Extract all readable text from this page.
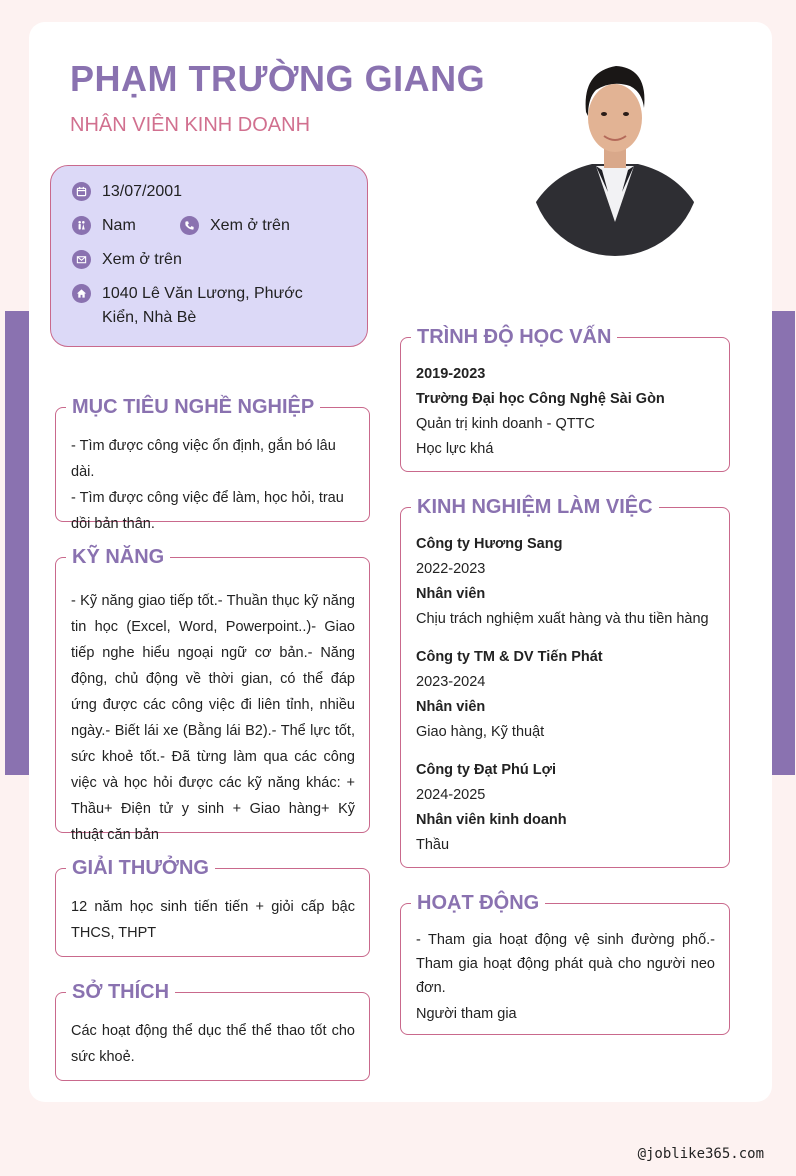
PHẠM TRƯỜNG GIANG
NHÂN VIÊN KINH DOANH
13/07/2001
Nam	Xem ở trên
Xem ở trên
1040 Lê Văn Lương, Phước Kiển, Nhà Bè
MỤC TIÊU NGHỀ NGHIỆP
- Tìm được công việc ổn định, gắn bó lâu dài.
- Tìm được công việc để làm, học hỏi, trau dồi bản thân.
KỸ NĂNG
- Kỹ năng giao tiếp tốt.- Thuần thục kỹ năng tin học (Excel, Word, Powerpoint..)- Giao tiếp nghe hiểu ngoại ngữ cơ bản.- Năng động, chủ động về thời gian, có thể đáp ứng được các công việc đi liên tỉnh, nhiều ngày.- Biết lái xe (Bằng lái B2).- Thể lực tốt, sức khoẻ tốt.- Đã từng làm qua các công việc và học hỏi được các kỹ năng khác: + Thầu+ Điện tử y sinh + Giao hàng+ Kỹ thuật căn bản
GIẢI THƯỞNG
12 năm học sinh tiến tiến + giỏi cấp bậc THCS, THPT
SỞ THÍCH
Các hoạt động thể dục thể thể thao tốt cho sức khoẻ.
TRÌNH ĐỘ HỌC VẤN
2019-2023
Trường Đại học Công Nghệ Sài Gòn
Quản trị kinh doanh - QTTC
Học lực khá
KINH NGHIỆM LÀM VIỆC
Công ty Hương Sang
2022-2023
Nhân viên
Chịu trách nghiệm xuất hàng và thu tiền hàng
Công ty TM & DV Tiến Phát
2023-2024
Nhân viên
Giao hàng, Kỹ thuật
Công ty Đạt Phú Lợi
2024-2025
Nhân viên kinh doanh
Thầu
HOẠT ĐỘNG
- Tham gia hoạt động vệ sinh đường phố.- Tham gia hoạt động phát quà cho người neo đơn.
Người tham gia
@joblike365.com
